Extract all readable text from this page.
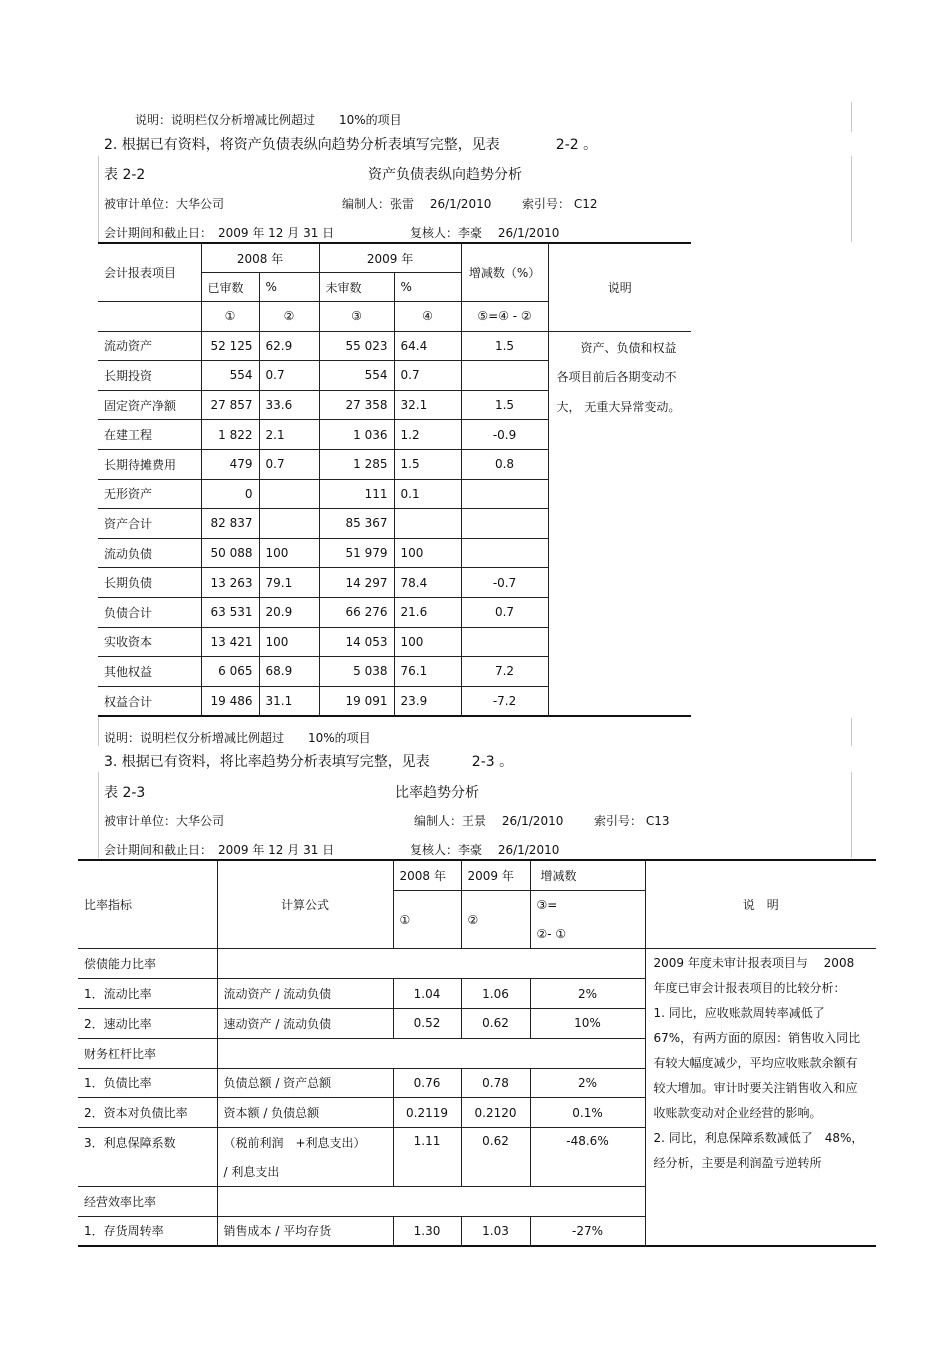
说明：说明栏仅分析增减比例超过　　10%的项目
2. 根据已有资料，将资产负债表纵向趋势分析表填写完整，见表　　　　2-2 。
表 2-2	资产负债表纵向趋势分析
被审计单位：大华公司	编制人：张雷　 26/1/2010	索引号： C12
会计期间和截止日：　2009 年 12 月 31 日	复核人：李豪　 26/1/2010
会计报表项目	2008 年		2009 年		增减数（%）	说明
	已审数	%	未审数	%		
	①	②	③	④	⑤=④ - ②	
流动资产	52 125	62.9	55 023	64.4	1.5	　　资产、负债和权益各项目前后各期变动不大， 无重大异常变动。
长期投资	554	0.7	554	0.7		
固定资产净额	27 857	33.6	27 358	32.1	1.5	
在建工程	1 822	2.1	1 036	1.2	-0.9	
长期待摊费用	479	0.7	1 285	1.5	0.8	
无形资产	0		111	0.1		
资产合计	82 837		85 367			
流动负债	50 088	100	51 979	100		
长期负债	13 263	79.1	14 297	78.4	-0.7	
负债合计	63 531	20.9	66 276	21.6	0.7	
实收资本	13 421	100	14 053	100		
其他权益	6 065	68.9	5 038	76.1	7.2	
权益合计	19 486	31.1	19 091	23.9	-7.2	
说明：说明栏仅分析增减比例超过　　10%的项目
3. 根据已有资料，将比率趋势分析表填写完整，见表　　　2-3 。
表 2-3	比率趋势分析
被审计单位：大华公司	编制人：王景　 26/1/2010	索引号： C13
会计期间和截止日：　2009 年 12 月 31 日	复核人：李豪　 26/1/2010
比率指标	计算公式	2008 年	2009 年	增减数	说　明
		①	②	③=	
				②- ①	
偿债能力比率					2009 年度未审计报表项目与　 2008 年度已审会计报表项目的比较分析：
1. 同比，应收账款周转率减低了　 67%，有两方面的原因：销售收入同比有较大幅度减少，平均应收账款余额有较大增加。审计时要关注销售收入和应收账款变动对企业经营的影响。
2. 同比，利息保障系数减低了　48%，经分析，主要是利润盈亏逆转所
1．流动比率	流动资产 / 流动负债	1.04	1.06	2%	
2．速动比率	速动资产 / 流动负债	0.52	0.62	10%	
财务杠杆比率					
1．负债比率	负债总额 / 资产总额	0.76	0.78	2%	
2．资本对负债比率	资本额 / 负债总额	0.2119	0.2120	0.1%	
3．利息保障系数	（税前利润　+利息支出）	1.11	0.62	-48.6%	
	/ 利息支出				
经营效率比率					
1．存货周转率	销售成本 / 平均存货	1.30	1.03	-27%	
